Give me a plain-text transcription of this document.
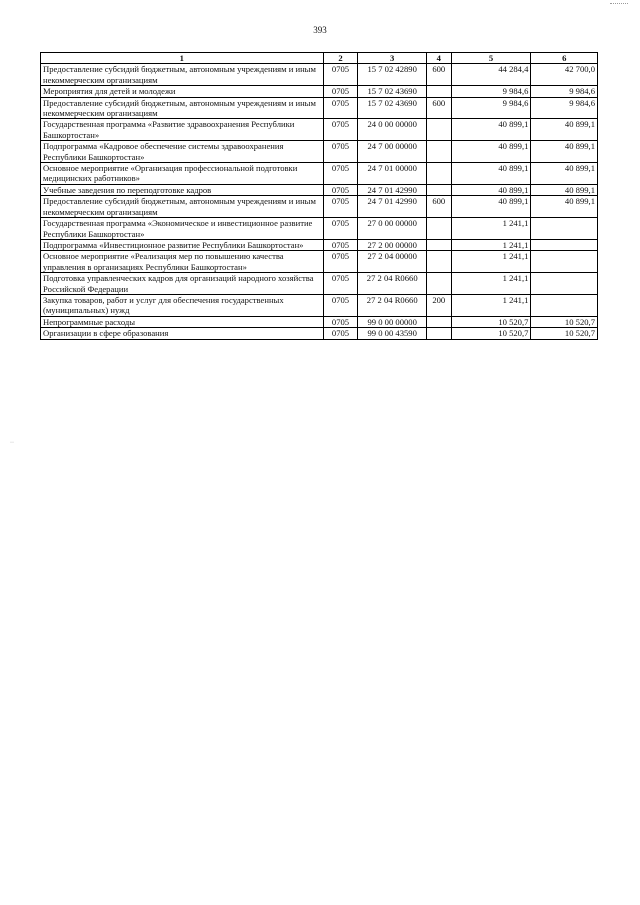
393
··
1	2	3	4	5	6
Предоставление субсидий бюджетным, автономным учреждениям и иным некоммерческим организациям	0705	15 7 02 42890	600	44 284,4	42 700,0
Мероприятия для детей и молодежи	0705	15 7 02 43690		9 984,6	9 984,6
Предоставление субсидий бюджетным, автономным учреждениям и иным некоммерческим организациям	0705	15 7 02 43690	600	9 984,6	9 984,6
Государственная программа «Развитие здравоохранения Республики Башкортостан»	0705	24 0 00 00000		40 899,1	40 899,1
Подпрограмма «Кадровое обеспечение системы здравоохранения Республики Башкортостан»	0705	24 7 00 00000		40 899,1	40 899,1
Основное мероприятие «Организация профессиональной подготовки медицинских работников»	0705	24 7 01 00000		40 899,1	40 899,1
Учебные заведения по переподготовке кадров	0705	24 7 01 42990		40 899,1	40 899,1
Предоставление субсидий бюджетным, автономным учреждениям и иным некоммерческим организациям	0705	24 7 01 42990	600	40 899,1	40 899,1
Государственная программа «Экономическое и инвестиционное развитие Республики Башкортостан»	0705	27 0 00 00000		1 241,1	
Подпрограмма «Инвестиционное развитие Республики Башкортостан»	0705	27 2 00 00000		1 241,1	
Основное мероприятие «Реализация мер по повышению качества управления в организациях Республики Башкортостан»	0705	27 2 04 00000		1 241,1	
Подготовка управленческих кадров для организаций народного хозяйства Российской Федерации	0705	27 2 04 R0660		1 241,1	
Закупка товаров, работ и услуг для обеспечения государственных (муниципальных) нужд	0705	27 2 04 R0660	200	1 241,1	
Непрограммные расходы	0705	99 0 00 00000		10 520,7	10 520,7
Организации в сфере образования	0705	99 0 00 43590		10 520,7	10 520,7
